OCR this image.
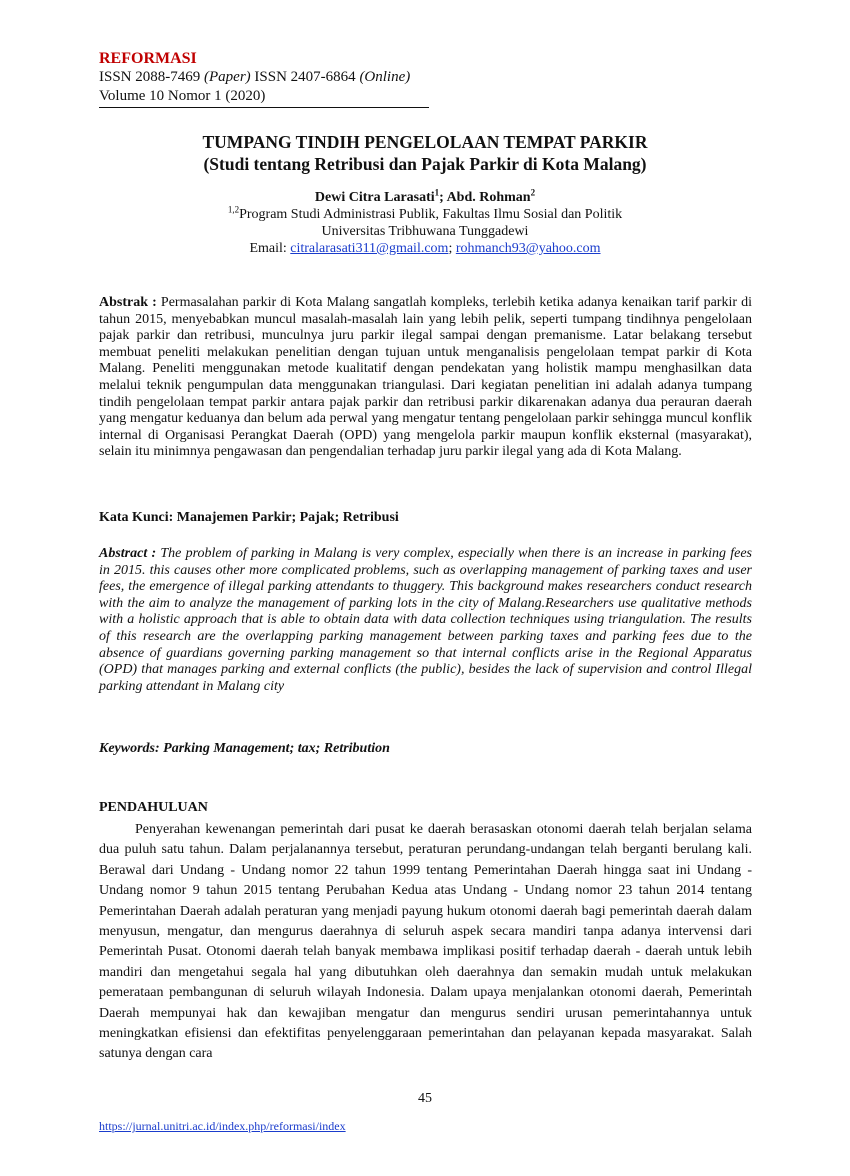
REFORMASI
ISSN 2088-7469 (Paper) ISSN 2407-6864 (Online)
Volume 10 Nomor 1 (2020)
TUMPANG TINDIH PENGELOLAAN TEMPAT PARKIR
(Studi tentang Retribusi dan Pajak Parkir di Kota Malang)
Dewi Citra Larasati$^1$; Abd. Rohman$^2$
$^{1,2}$Program Studi Administrasi Publik, Fakultas Ilmu Sosial dan Politik
Universitas Tribhuwana Tunggadewi
Email: citralarasati311@gmail.com; rohmanch93@yahoo.com
Abstrak : Permasalahan parkir di Kota Malang sangatlah kompleks, terlebih ketika adanya kenaikan tarif parkir di tahun 2015, menyebabkan muncul masalah-masalah lain yang lebih pelik, seperti tumpang tindihnya pengelolaan pajak parkir dan retribusi, munculnya juru parkir ilegal sampai dengan premanisme. Latar belakang tersebut membuat peneliti melakukan penelitian dengan tujuan untuk menganalisis pengelolaan tempat parkir di Kota Malang. Peneliti menggunakan metode kualitatif dengan pendekatan yang holistik mampu menghasilkan data melalui teknik pengumpulan data menggunakan triangulasi. Dari kegiatan penelitian ini adalah adanya tumpang tindih pengelolaan tempat parkir antara pajak parkir dan retribusi parkir dikarenakan adanya dua perauran daerah yang mengatur keduanya dan belum ada perwal yang mengatur tentang pengelolaan parkir sehingga muncul konflik internal di Organisasi Perangkat Daerah (OPD) yang mengelola parkir maupun konflik eksternal (masyarakat), selain itu minimnya pengawasan dan pengendalian terhadap juru parkir ilegal yang ada di Kota Malang.
Kata Kunci: Manajemen Parkir; Pajak; Retribusi
Abstract : The problem of parking in Malang is very complex, especially when there is an increase in parking fees in 2015. this causes other more complicated problems, such as overlapping management of parking taxes and user fees, the emergence of illegal parking attendants to thuggery. This background makes researchers conduct research with the aim to analyze the management of parking lots in the city of Malang.Researchers use qualitative methods with a holistic approach that is able to obtain data with data collection techniques using triangulation. The results of this research are the overlapping parking management between parking taxes and parking fees due to the absence of guardians governing parking management so that internal conflicts arise in the Regional Apparatus (OPD) that manages parking and external conflicts (the public), besides the lack of supervision and control Illegal parking attendant in Malang city
Keywords: Parking Management; tax; Retribution
PENDAHULUAN
Penyerahan kewenangan pemerintah dari pusat ke daerah berasaskan otonomi daerah telah berjalan selama dua puluh satu tahun. Dalam perjalanannya tersebut, peraturan perundang-undangan telah berganti berulang kali. Berawal dari Undang - Undang nomor 22 tahun 1999 tentang Pemerintahan Daerah hingga saat ini Undang - Undang nomor 9 tahun 2015 tentang Perubahan Kedua atas Undang - Undang nomor 23 tahun 2014 tentang Pemerintahan Daerah adalah peraturan yang menjadi payung hukum otonomi daerah bagi pemerintah daerah dalam menyusun, mengatur, dan mengurus daerahnya di seluruh aspek secara mandiri tanpa adanya intervensi dari Pemerintah Pusat. Otonomi daerah telah banyak membawa implikasi positif terhadap daerah - daerah untuk lebih mandiri dan mengetahui segala hal yang dibutuhkan oleh daerahnya dan semakin mudah untuk melakukan pemerataan pembangunan di seluruh wilayah Indonesia. Dalam upaya menjalankan otonomi daerah, Pemerintah Daerah mempunyai hak dan kewajiban mengatur dan mengurus sendiri urusan pemerintahannya untuk meningkatkan efisiensi dan efektifitas penyelenggaraan pemerintahan dan pelayanan kepada masyarakat. Salah satunya dengan cara
45
https://jurnal.unitri.ac.id/index.php/reformasi/index
